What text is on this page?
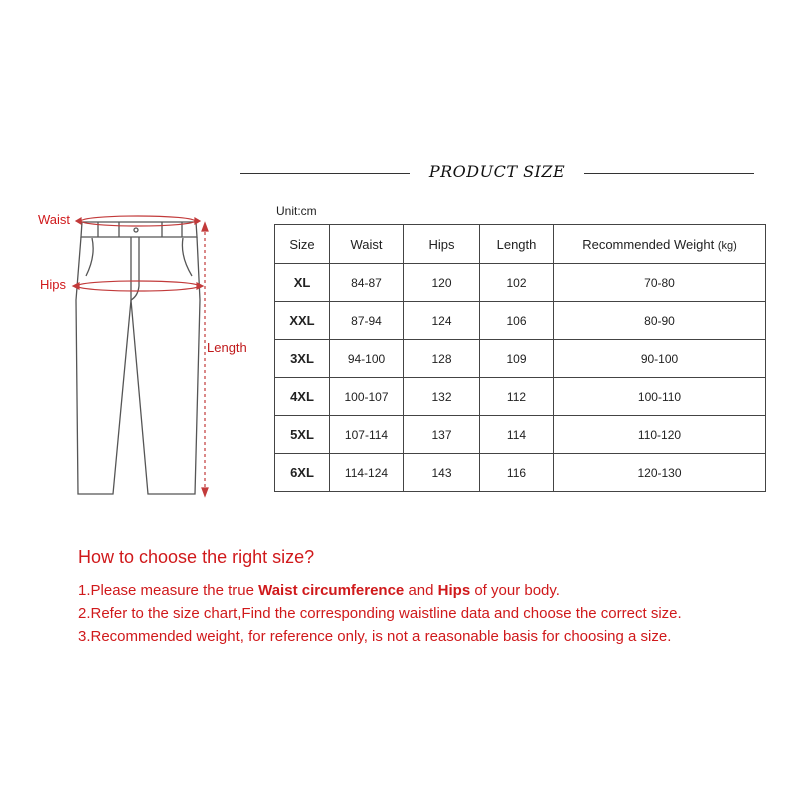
PRODUCT SIZE
Waist
Hips
Length
Unit:cm
Size	Waist	Hips	Length	Recommended Weight (kg)
XL	84-87	120	102	70-80
XXL	87-94	124	106	80-90
3XL	94-100	128	109	90-100
4XL	100-107	132	112	100-110
5XL	107-114	137	114	110-120
6XL	114-124	143	116	120-130
How to choose the right size?
1.Please measure the true Waist circumference and Hips of your body.
2.Refer to the size chart,Find the corresponding waistline data and choose the correct size.
3.Recommended weight, for reference only, is not a reasonable basis for choosing a size.
